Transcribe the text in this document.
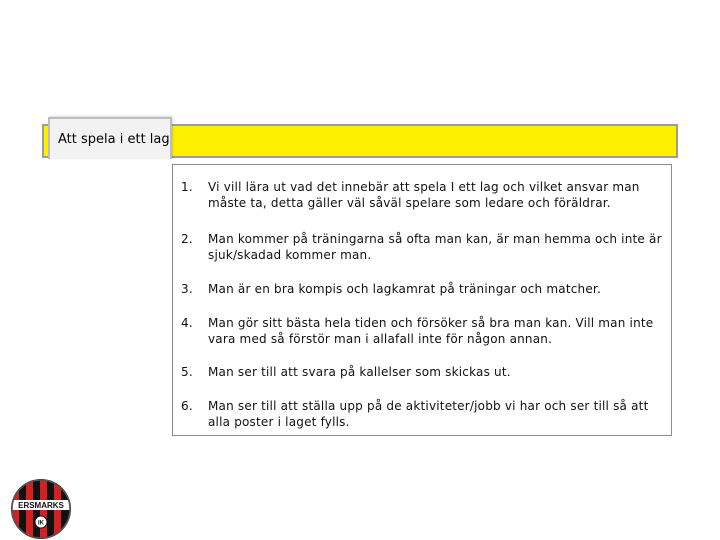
Att spela i ett lag
1.	Vi vill lära ut vad det innebär att spela I ett lag och vilket ansvar man måste ta, detta gäller väl såväl spelare som ledare och föräldrar.
2.	Man kommer på träningarna så ofta man kan, är man hemma och inte är sjuk/skadad kommer man.
3.	Man är en bra kompis och lagkamrat på träningar och matcher.
4.	Man gör sitt bästa hela tiden och försöker så bra man kan. Vill man inte vara med så förstör man i allafall inte för någon annan.
5.	Man ser till att svara på kallelser som skickas ut.
6.	Man ser till att ställa upp på de aktiviteter/jobb vi har och ser till så att alla poster i laget fylls.
ERSMARKS
IK
